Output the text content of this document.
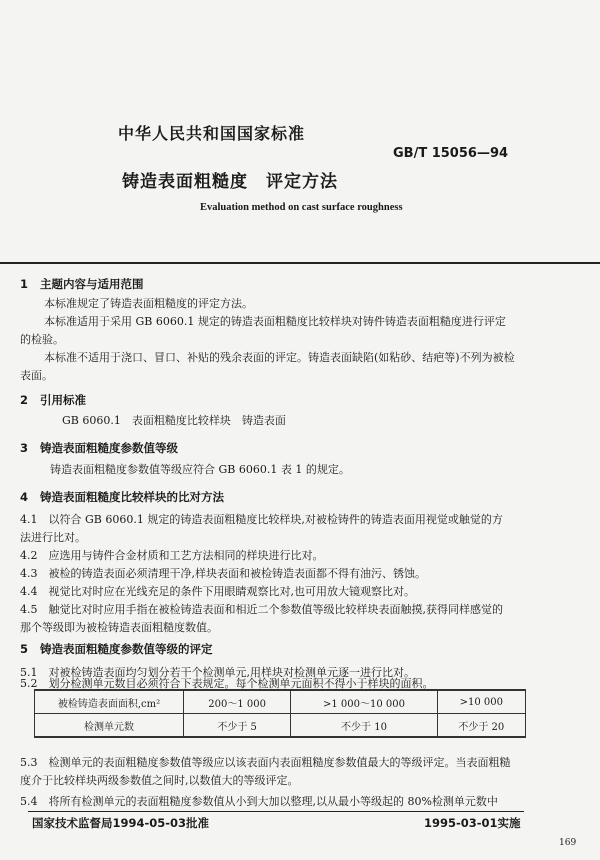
中华人民共和国国家标准
GB/T 15056—94
铸造表面粗糙度 评定方法
Evaluation method on cast surface roughness
1 主题内容与适用范围
本标准规定了铸造表面粗糙度的评定方法。
本标准适用于采用 GB 6060.1 规定的铸造表面粗糙度比较样块对铸件铸造表面粗糙度进行评定
的检验。
本标准不适用于浇口、冒口、补贴的残余表面的评定。铸造表面缺陷(如粘砂、结疤等)不列为被检
表面。
2 引用标准
GB 6060.1　表面粗糙度比较样块　铸造表面
3 铸造表面粗糙度参数值等级
铸造表面粗糙度参数值等级应符合 GB 6060.1 表 1 的规定。
4 铸造表面粗糙度比较样块的比对方法
4.1　以符合 GB 6060.1 规定的铸造表面粗糙度比较样块,对被检铸件的铸造表面用视觉或触觉的方
法进行比对。
4.2　应选用与铸件合金材质和工艺方法相同的样块进行比对。
4.3　被检的铸造表面必须清理干净,样块表面和被检铸造表面都不得有油污、锈蚀。
4.4　视觉比对时应在光线充足的条件下用眼睛观察比对,也可用放大镜观察比对。
4.5　触觉比对时应用手指在被检铸造表面和相近二个参数值等级比较样块表面触摸,获得同样感觉的
那个等级即为被检铸造表面粗糙度数值。
5 铸造表面粗糙度参数值等级的评定
5.1　对被检铸造表面均匀划分若干个检测单元,用样块对检测单元逐一进行比对。
5.2　划分检测单元数目必须符合下表规定。每个检测单元面积不得小于样块的面积。
被检铸造表面面积,cm²	200～1 000	>1 000～10 000	>10 000
检测单元数	不少于 5	不少于 10	不少于 20
5.3　检测单元的表面粗糙度参数值等级应以该表面内表面粗糙度参数值最大的等级评定。当表面粗糙
度介于比较样块两级参数值之间时,以数值大的等级评定。
5.4　将所有检测单元的表面粗糙度参数值从小到大加以整理,以从最小等级起的 80%检测单元数中
国家技术监督局1994-05-03批准	1995-03-01实施
169
